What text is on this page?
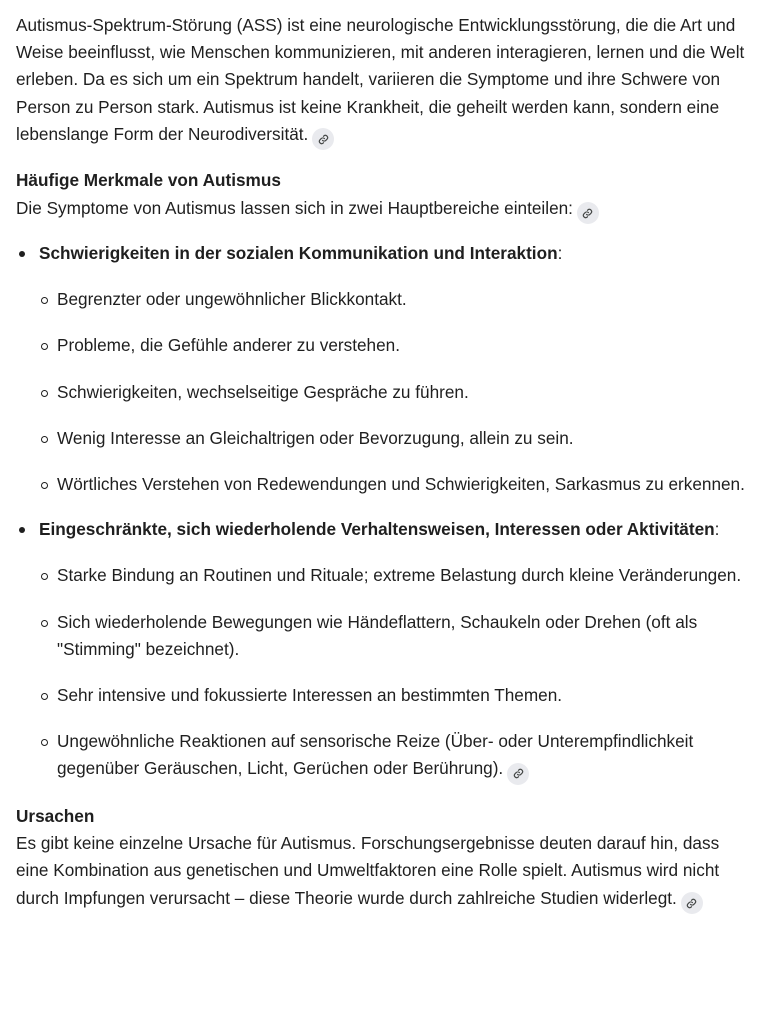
Autismus-Spektrum-Störung (ASS) ist eine neurologische Entwicklungsstörung, die die Art und Weise beeinflusst, wie Menschen kommunizieren, mit anderen interagieren, lernen und die Welt erleben. Da es sich um ein Spektrum handelt, variieren die Symptome und ihre Schwere von Person zu Person stark. Autismus ist keine Krankheit, die geheilt werden kann, sondern eine lebenslange Form der Neurodiversität.

Häufige Merkmale von Autismus

Die Symptome von Autismus lassen sich in zwei Hauptbereiche einteilen:

Schwierigkeiten in der sozialen Kommunikation und Interaktion:
Begrenzter oder ungewöhnlicher Blickkontakt.
Probleme, die Gefühle anderer zu verstehen.
Schwierigkeiten, wechselseitige Gespräche zu führen.
Wenig Interesse an Gleichaltrigen oder Bevorzugung, allein zu sein.
Wörtliches Verstehen von Redewendungen und Schwierigkeiten, Sarkasmus zu erkennen.
Eingeschränkte, sich wiederholende Verhaltensweisen, Interessen oder Aktivitäten:
Starke Bindung an Routinen und Rituale; extreme Belastung durch kleine Veränderungen.
Sich wiederholende Bewegungen wie Händeflattern, Schaukeln oder Drehen (oft als "Stimming" bezeichnet).
Sehr intensive und fokussierte Interessen an bestimmten Themen.
Ungewöhnliche Reaktionen auf sensorische Reize (Über- oder Unterempfindlichkeit gegenüber Geräuschen, Licht, Gerüchen oder Berührung).

Ursachen

Es gibt keine einzelne Ursache für Autismus. Forschungsergebnisse deuten darauf hin, dass eine Kombination aus genetischen und Umweltfaktoren eine Rolle spielt. Autismus wird nicht durch Impfungen verursacht – diese Theorie wurde durch zahlreiche Studien widerlegt.
